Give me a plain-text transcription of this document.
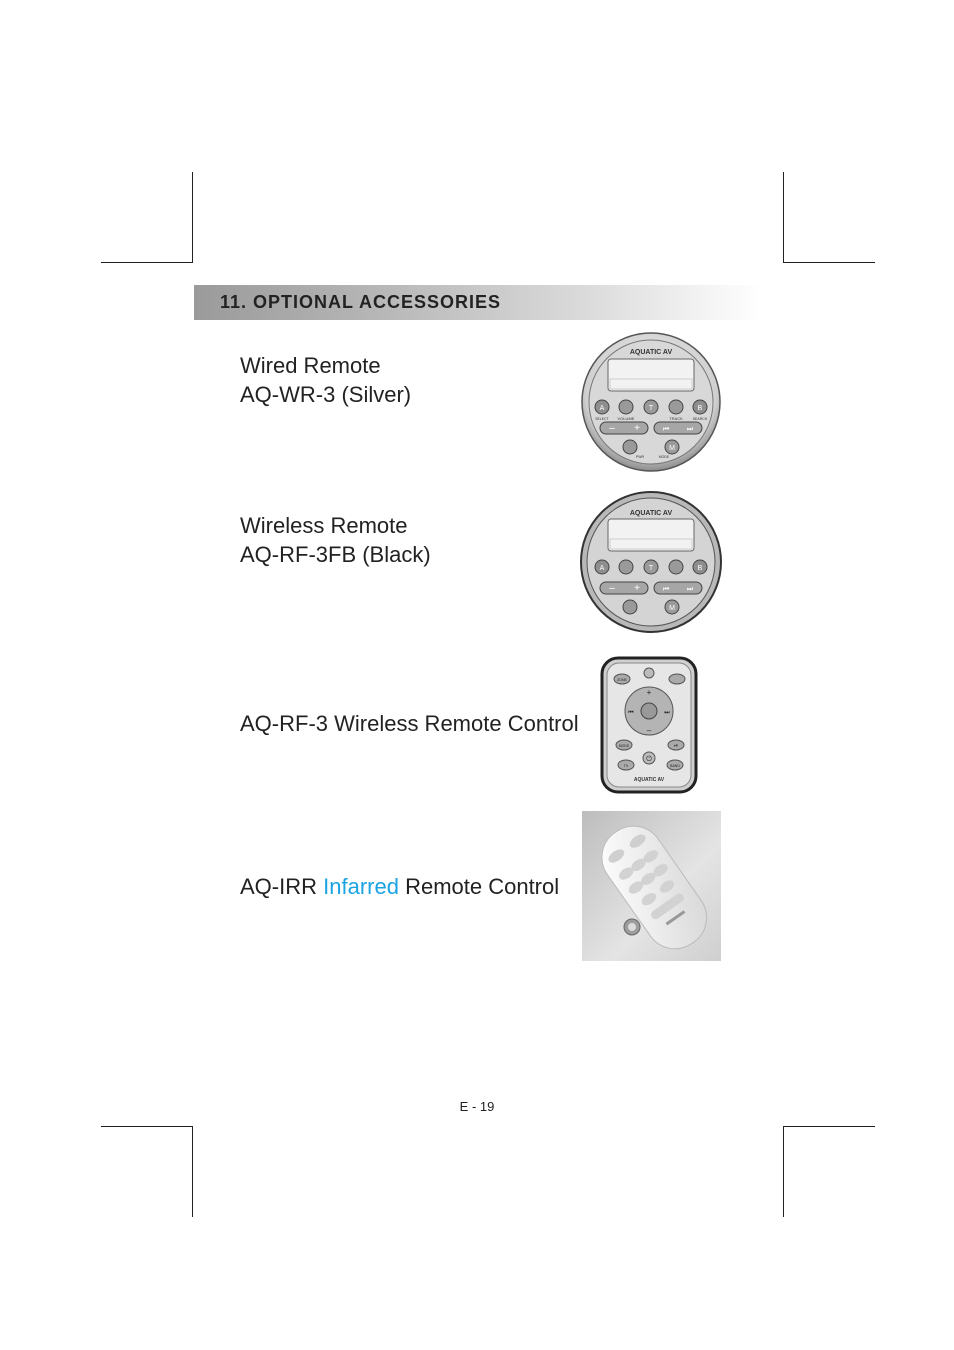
11. OPTIONAL ACCESSORIES
Wired Remote
AQ-WR-3 (Silver)
AQUATIC AV
A	T	B
SELECT VOLUME	TRACK	SEARCH
– +	⏮	⏭
M
PWR	MODE
Wireless Remote
AQ-RF-3FB (Black)
AQUATIC AV
A	T	B
– +	⏮	⏭
M
AQ-RF-3 Wireless Remote Control
ZONE
+
–
⏮	⏭
MODE
⏻
⏯
TV	BAND
AQUATIC AV
AQ-IRR Infarred Remote Control
E - 19
